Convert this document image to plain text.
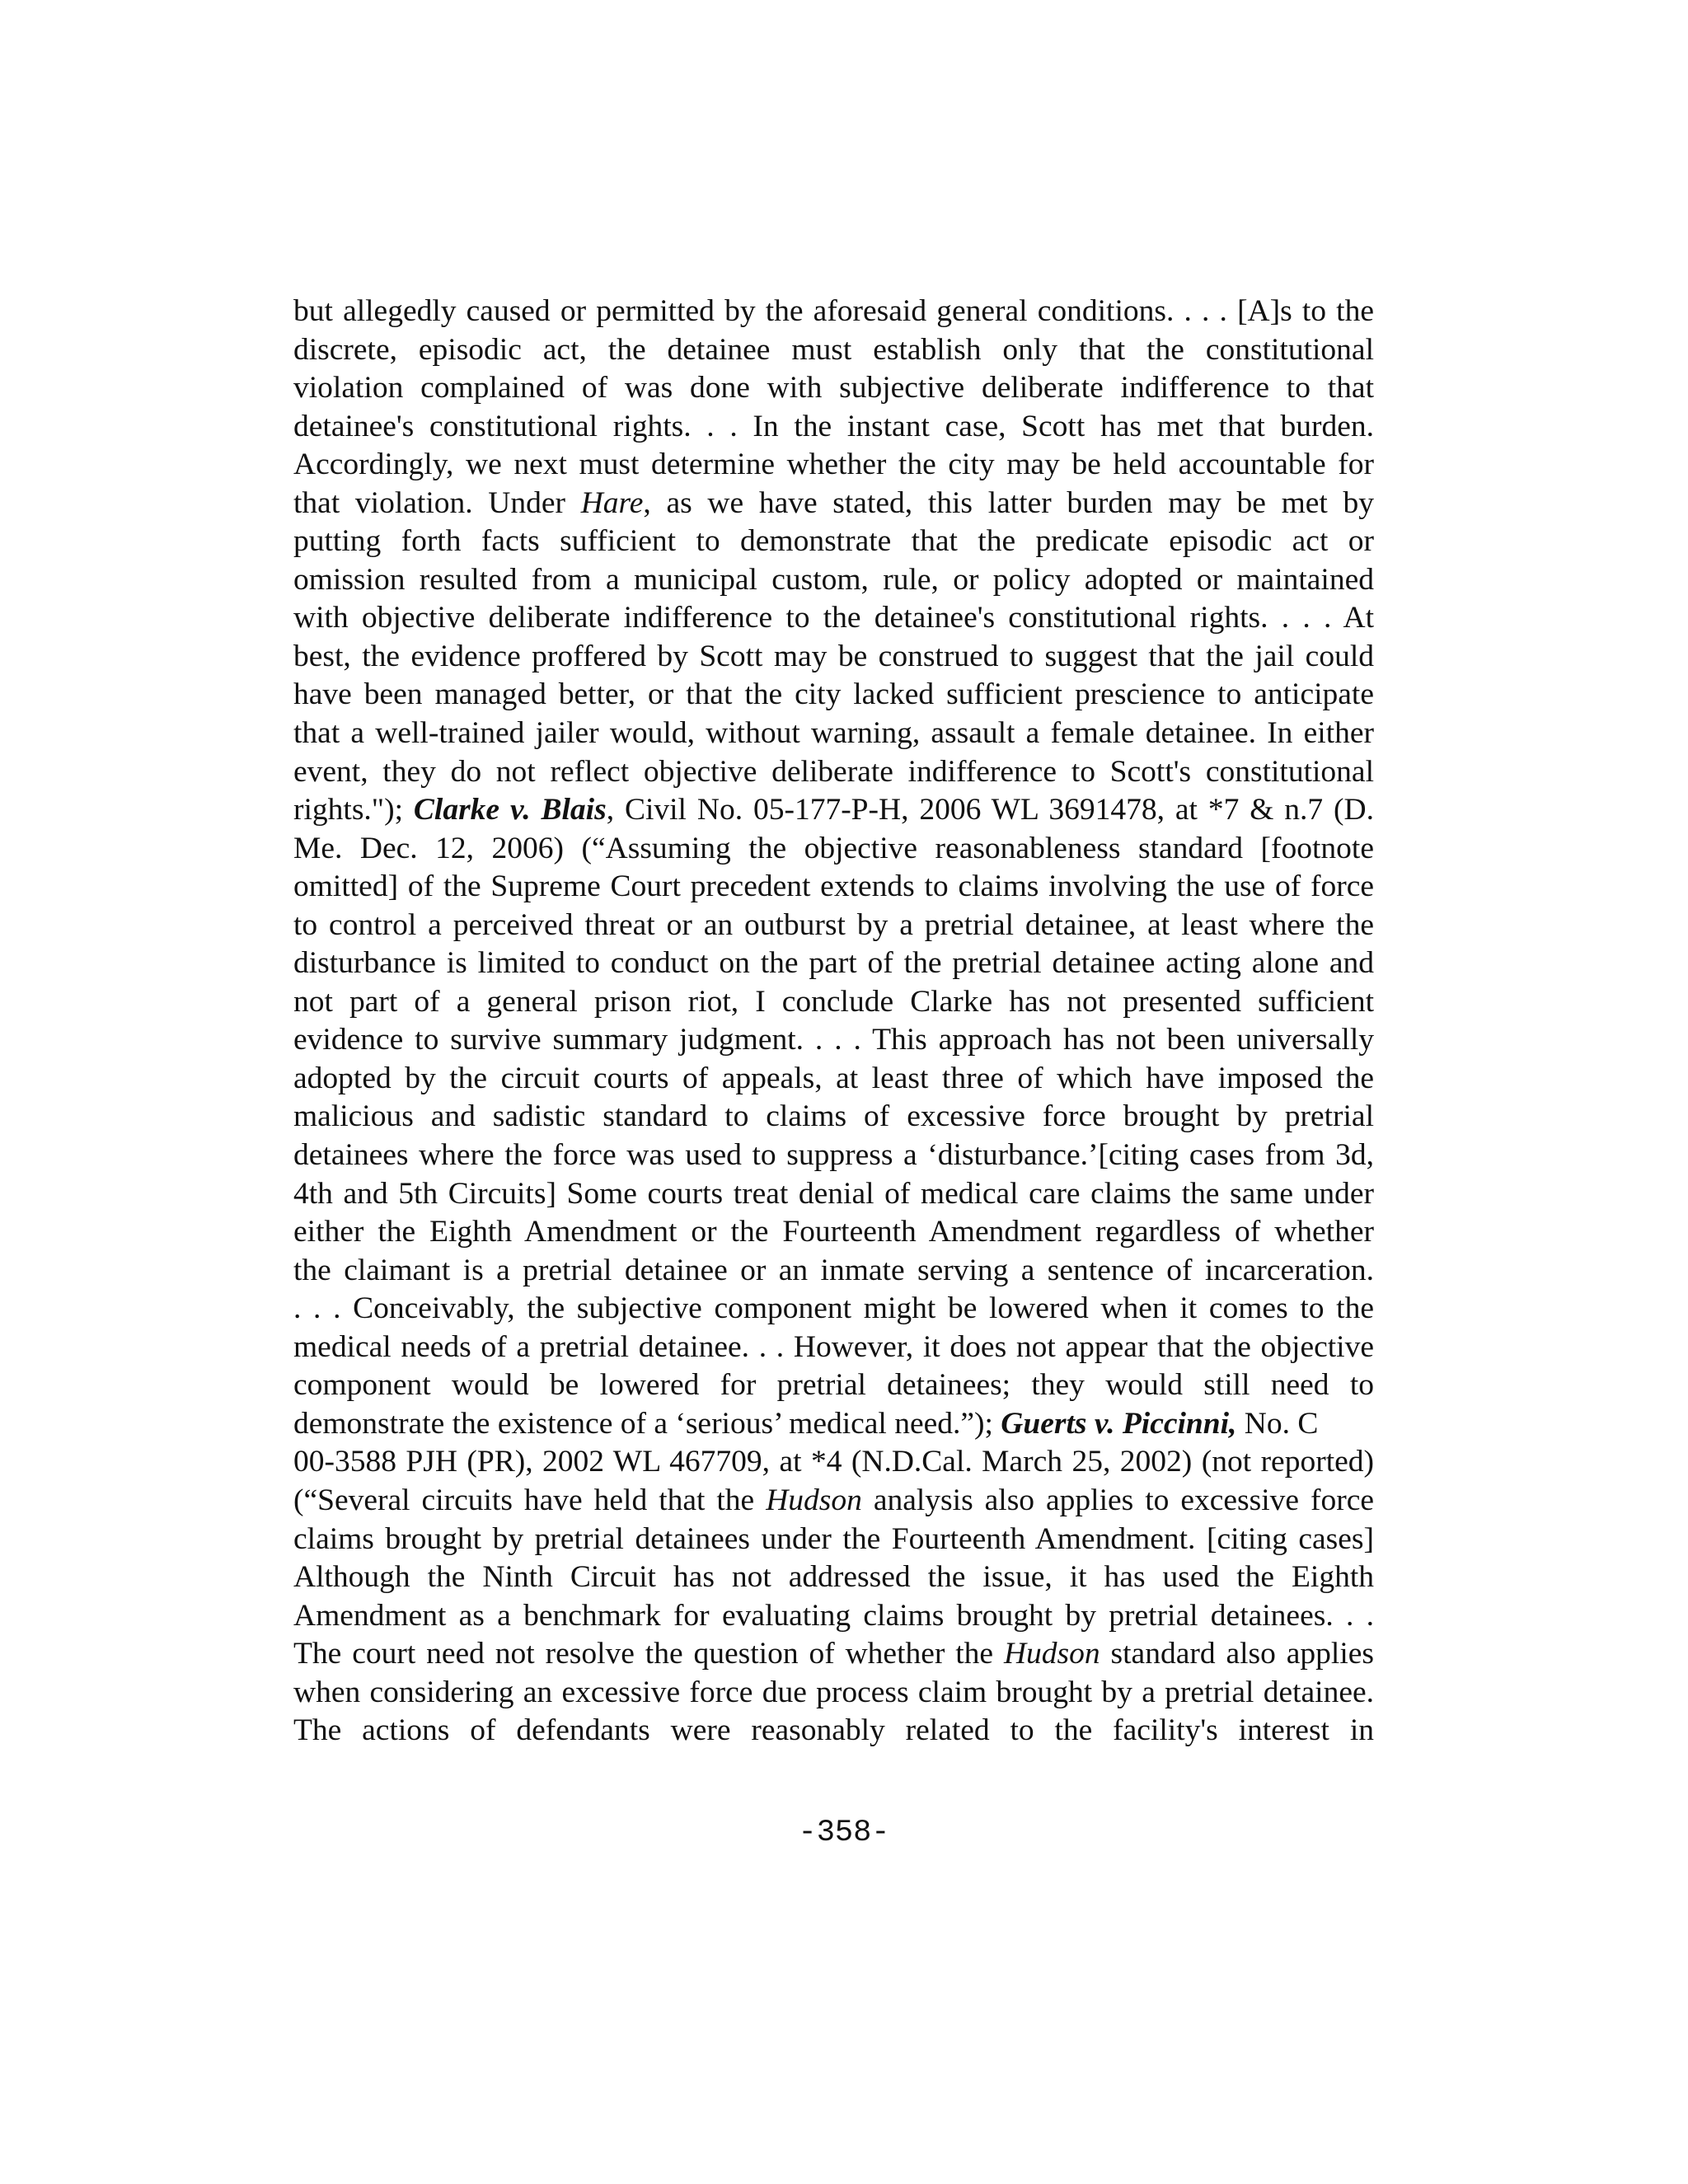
but allegedly caused or permitted by the aforesaid general conditions. . . . [A]s to the
discrete, episodic act, the detainee must establish only that the constitutional
violation complained of was done with subjective deliberate indifference to that
detainee's constitutional rights. . . In the instant case, Scott has met that burden.
Accordingly, we next must determine whether the city may be held accountable for
that violation. Under Hare, as we have stated, this latter burden may be met by
putting forth facts sufficient to demonstrate that the predicate episodic act or
omission resulted from a municipal custom, rule, or policy adopted or maintained
with objective deliberate indifference to the detainee's constitutional rights. . . . At
best, the evidence proffered by Scott may be construed to suggest that the jail could
have been managed better, or that the city lacked sufficient prescience to anticipate
that a well-trained jailer would, without warning, assault a female detainee. In either
event, they do not reflect objective deliberate indifference to Scott's constitutional
rights."); Clarke v. Blais, Civil No. 05-177-P-H, 2006 WL 3691478, at *7 & n.7 (D.
Me. Dec. 12, 2006) (“Assuming the objective reasonableness standard [footnote
omitted] of the Supreme Court precedent extends to claims involving the use of force
to control a perceived threat or an outburst by a pretrial detainee, at least where the
disturbance is limited to conduct on the part of the pretrial detainee acting alone and
not part of a general prison riot, I conclude Clarke has not presented sufficient
evidence to survive summary judgment. . . . This approach has not been universally
adopted by the circuit courts of appeals, at least three of which have imposed the
malicious and sadistic standard to claims of excessive force brought by pretrial
detainees where the force was used to suppress a ‘disturbance.’[citing cases from 3d,
4th and 5th Circuits] Some courts treat denial of medical care claims the same under
either the Eighth Amendment or the Fourteenth Amendment regardless of whether
the claimant is a pretrial detainee or an inmate serving a sentence of incarceration.
. . . Conceivably, the subjective component might be lowered when it comes to the
medical needs of a pretrial detainee. . . However, it does not appear that the objective
component would be lowered for pretrial detainees; they would still need to
demonstrate the existence of a ‘serious’ medical need.”); Guerts v. Piccinni, No. C
00-3588 PJH (PR), 2002 WL 467709, at *4 (N.D.Cal. March 25, 2002) (not reported)
(“Several circuits have held that the Hudson analysis also applies to excessive force
claims brought by pretrial detainees under the Fourteenth Amendment. [citing cases]
Although the Ninth Circuit has not addressed the issue, it has used the Eighth
Amendment as a benchmark for evaluating claims brought by pretrial detainees. . .
The court need not resolve the question of whether the Hudson standard also applies
when considering an excessive force due process claim brought by a pretrial detainee.
The actions of defendants were reasonably related to the facility's interest in
-358-
